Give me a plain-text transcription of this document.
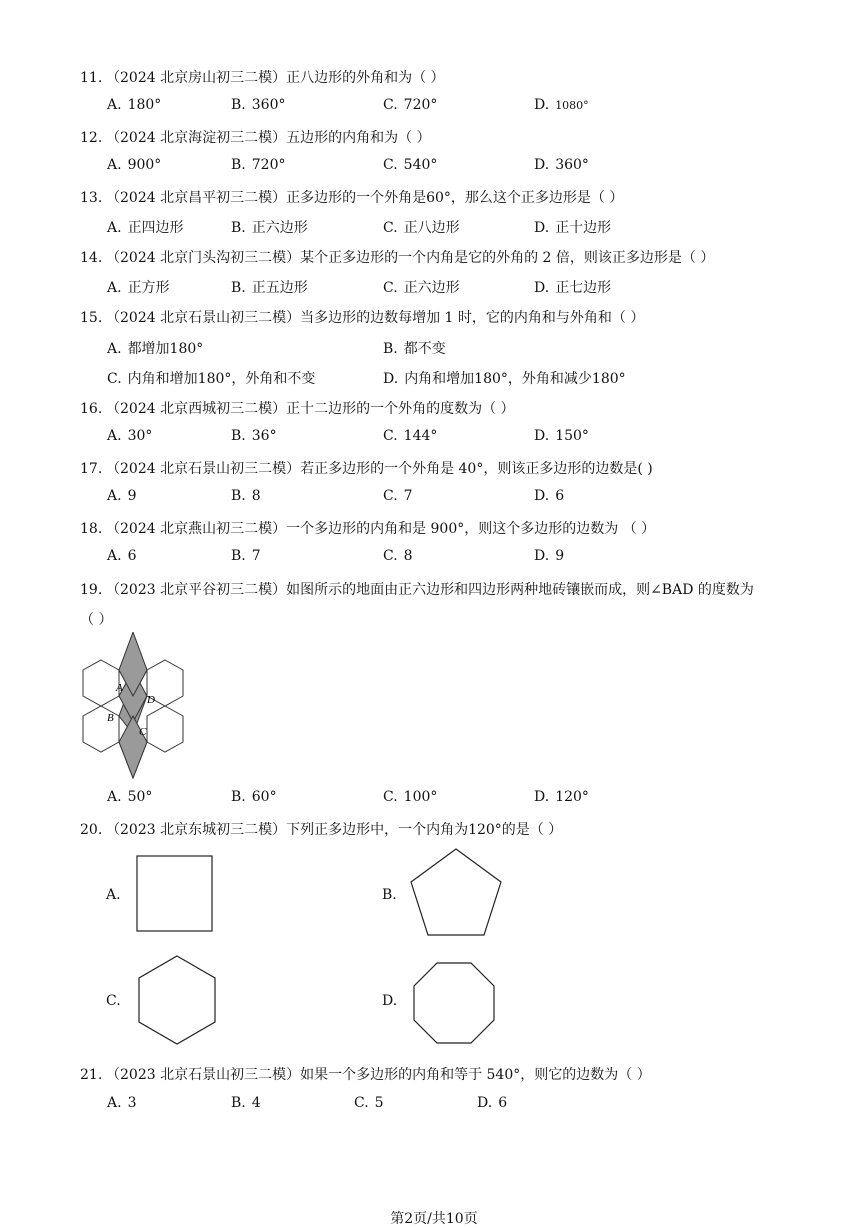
11. （2024 北京房山初三二模）正八边形的外角和为（ ）
A. 180°	B. 360°	C. 720°	D. 1080°
12. （2024 北京海淀初三二模）五边形的内角和为（ ）
A. 900°	B. 720°	C. 540°	D. 360°
13. （2024 北京昌平初三二模）正多边形的一个外角是60°，那么这个正多边形是（ ）
A. 正四边形	B. 正六边形	C. 正八边形	D. 正十边形
14. （2024 北京门头沟初三二模）某个正多边形的一个内角是它的外角的 2 倍，则该正多边形是（ ）
A. 正方形	B. 正五边形	C. 正六边形	D. 正七边形
15. （2024 北京石景山初三二模）当多边形的边数每增加 1 时，它的内角和与外角和（ ）
A. 都增加180°	B. 都不变
C. 内角和增加180°，外角和不变	D. 内角和增加180°，外角和减少180°
16. （2024 北京西城初三二模）正十二边形的一个外角的度数为（ ）
A. 30°	B. 36°	C. 144°	D. 150°
17. （2024 北京石景山初三二模）若正多边形的一个外角是 40°，则该正多边形的边数是( )
A. 9	B. 8	C. 7	D. 6
18. （2024 北京燕山初三二模）一个多边形的内角和是 900°，则这个多边形的边数为 （ ）
A. 6	B. 7	C. 8	D. 9
19. （2023 北京平谷初三二模）如图所示的地面由正六边形和四边形两种地砖镶嵌而成，则∠BAD 的度数为
（ ）
A
D
B
C
A. 50°	B. 60°	C. 100°	D. 120°
20. （2023 北京东城初三二模）下列正多边形中，一个内角为120°的是（ ）
A.	B.
C.	D.
21. （2023 北京石景山初三二模）如果一个多边形的内角和等于 540°，则它的边数为（ ）
A. 3	B. 4	C. 5	D. 6
第2页/共10页
